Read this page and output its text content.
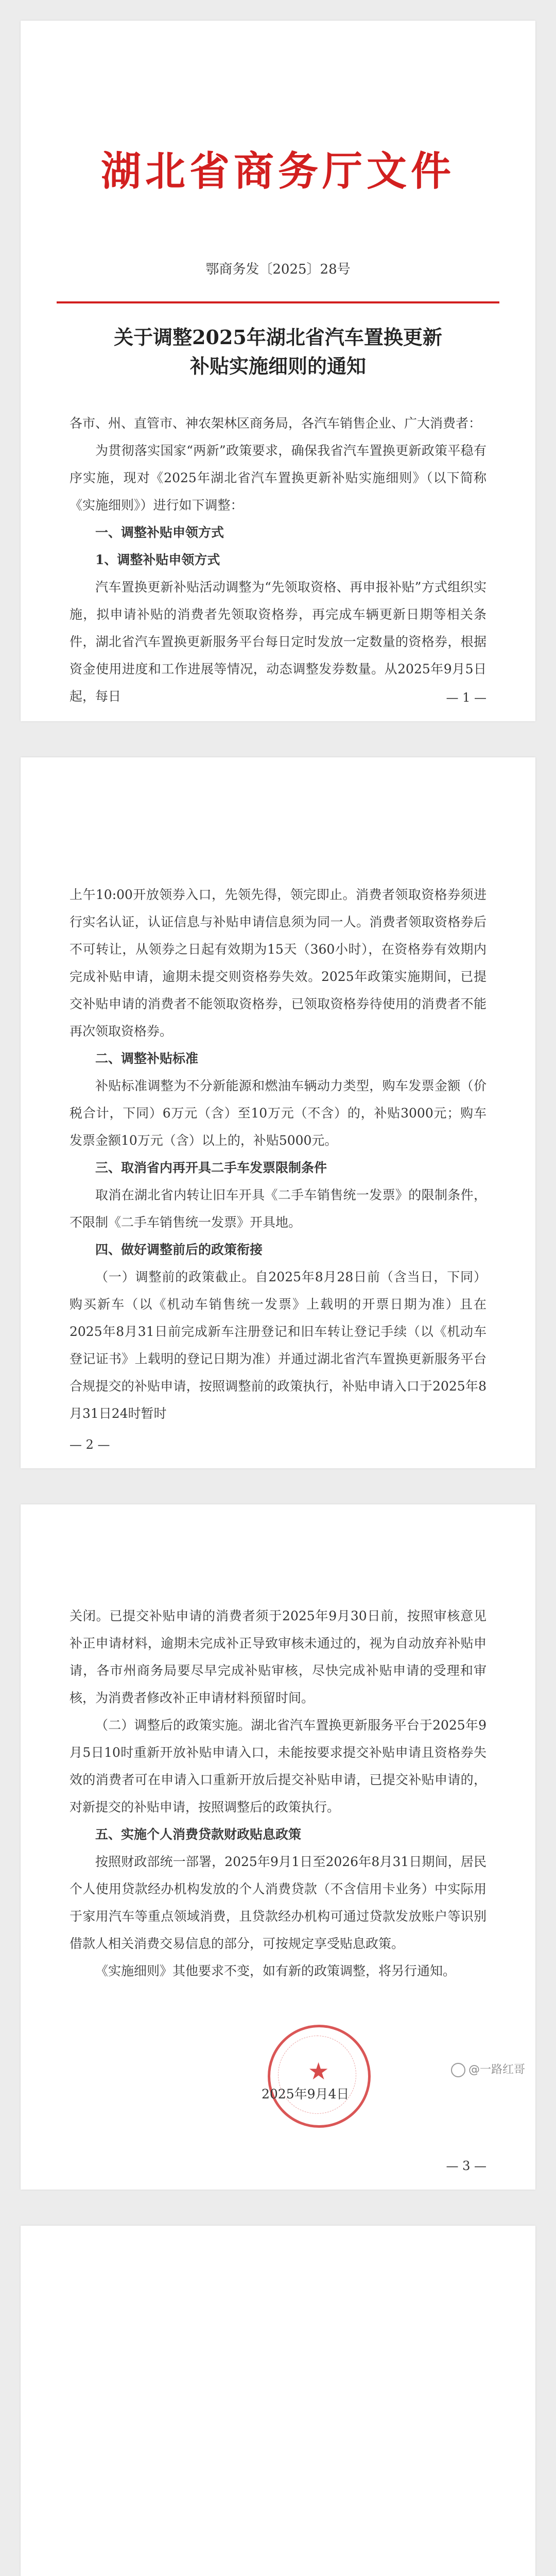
湖北省商务厅文件
鄂商务发〔2025〕28号
关于调整2025年湖北省汽车置换更新
补贴实施细则的通知

各市、州、直管市、神农架林区商务局，各汽车销售企业、广大消费者：

为贯彻落实国家“两新”政策要求，确保我省汽车置换更新政策平稳有序实施，现对《2025年湖北省汽车置换更新补贴实施细则》（以下简称《实施细则》）进行如下调整：

一、调整补贴申领方式

1、调整补贴申领方式

汽车置换更新补贴活动调整为“先领取资格、再申报补贴”方式组织实施，拟申请补贴的消费者先领取资格券，再完成车辆更新日期等相关条件，湖北省汽车置换更新服务平台每日定时发放一定数量的资格券，根据资金使用进度和工作进展等情况，动态调整发券数量。从2025年9月5日起，每日	— 1 —

上午10:00开放领券入口，先领先得，领完即止。消费者领取资格券须进行实名认证，认证信息与补贴申请信息须为同一人。消费者领取资格券后不可转让，从领券之日起有效期为15天（360小时），在资格券有效期内完成补贴申请，逾期未提交则资格券失效。2025年政策实施期间，已提交补贴申请的消费者不能领取资格券，已领取资格券待使用的消费者不能再次领取资格券。

二、调整补贴标准

补贴标准调整为不分新能源和燃油车辆动力类型，购车发票金额（价税合计，下同）6万元（含）至10万元（不含）的，补贴3000元；购车发票金额10万元（含）以上的，补贴5000元。

三、取消省内再开具二手车发票限制条件

取消在湖北省内转让旧车开具《二手车销售统一发票》的限制条件，不限制《二手车销售统一发票》开具地。

四、做好调整前后的政策衔接

（一）调整前的政策截止。自2025年8月28日前（含当日，下同）购买新车（以《机动车销售统一发票》上载明的开票日期为准）且在2025年8月31日前完成新车注册登记和旧车转让登记手续（以《机动车登记证书》上载明的登记日期为准）并通过湖北省汽车置换更新服务平台合规提交的补贴申请，按照调整前的政策执行，补贴申请入口于2025年8月31日24时暂时

— 2 —

关闭。已提交补贴申请的消费者须于2025年9月30日前，按照审核意见补正申请材料，逾期未完成补正导致审核未通过的，视为自动放弃补贴申请，各市州商务局要尽早完成补贴审核，尽快完成补贴申请的受理和审核，为消费者修改补正申请材料预留时间。

（二）调整后的政策实施。湖北省汽车置换更新服务平台于2025年9月5日10时重新开放补贴申请入口，未能按要求提交补贴申请且资格券失效的消费者可在申请入口重新开放后提交补贴申请，已提交补贴申请的，对新提交的补贴申请，按照调整后的政策执行。

五、实施个人消费贷款财政贴息政策

按照财政部统一部署，2025年9月1日至2026年8月31日期间，居民个人使用贷款经办机构发放的个人消费贷款（不含信用卡业务）中实际用于家用汽车等重点领域消费，且贷款经办机构可通过贷款发放账户等识别借款人相关消费交易信息的部分，可按规定享受贴息政策。

《实施细则》其他要求不变，如有新的政策调整，将另行通知。

★
2025年9月4日
@一路红哥
— 3 —
